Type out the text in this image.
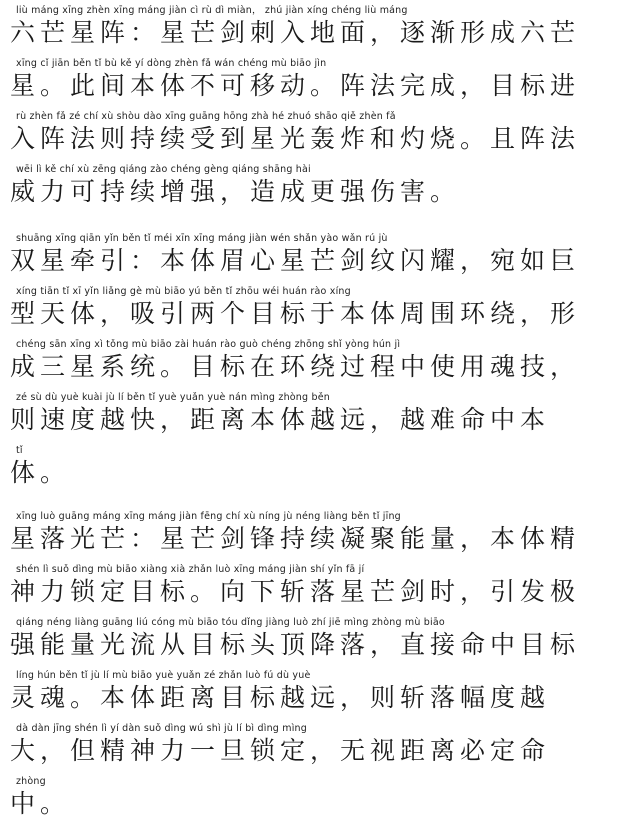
liù máng xīng zhèn xīng máng jiàn cì rù dì miàn， zhú jiàn xíng chéng liù máng
六芒星阵：星芒剑刺入地面，逐渐形成六芒
xīng cǐ jiān běn tǐ bù kě yí dòng zhèn fǎ wán chéng mù biāo jìn
星。此间本体不可移动。阵法完成，目标进
rù zhèn fǎ zé chí xù shòu dào xīng guāng hōng zhà hé zhuó shāo qiě zhèn fǎ
入阵法则持续受到星光轰炸和灼烧。且阵法
wēi lì kě chí xù zēng qiáng zào chéng gèng qiáng shāng hài
威力可持续增强，造成更强伤害。
shuāng xīng qiān yǐn běn tǐ méi xīn xīng máng jiàn wén shǎn yào wǎn rú jù
双星牵引：本体眉心星芒剑纹闪耀，宛如巨
xíng tiān tǐ xī yǐn liǎng gè mù biāo yú běn tǐ zhōu wéi huán rào xíng
型天体，吸引两个目标于本体周围环绕，形
chéng sān xīng xì tǒng mù biāo zài huán rào guò chéng zhōng shǐ yòng hún jì
成三星系统。目标在环绕过程中使用魂技，
zé sù dù yuè kuài jù lí běn tǐ yuè yuǎn yuè nán mìng zhòng běn
则速度越快，距离本体越远，越难命中本
tǐ
体。
xīng luò guāng máng xīng máng jiàn fēng chí xù níng jù néng liàng běn tǐ jīng
星落光芒：星芒剑锋持续凝聚能量，本体精
shén lì suǒ dìng mù biāo xiàng xià zhǎn luò xīng máng jiàn shí yǐn fā jí
神力锁定目标。向下斩落星芒剑时，引发极
qiáng néng liàng guāng liú cóng mù biāo tóu dǐng jiàng luò zhí jiē mìng zhòng mù biāo
强能量光流从目标头顶降落，直接命中目标
líng hún běn tǐ jù lí mù biāo yuè yuǎn zé zhǎn luò fú dù yuè
灵魂。本体距离目标越远，则斩落幅度越
dà dàn jīng shén lì yí dàn suǒ dìng wú shì jù lí bì dìng mìng
大，但精神力一旦锁定，无视距离必定命
zhòng
中。
